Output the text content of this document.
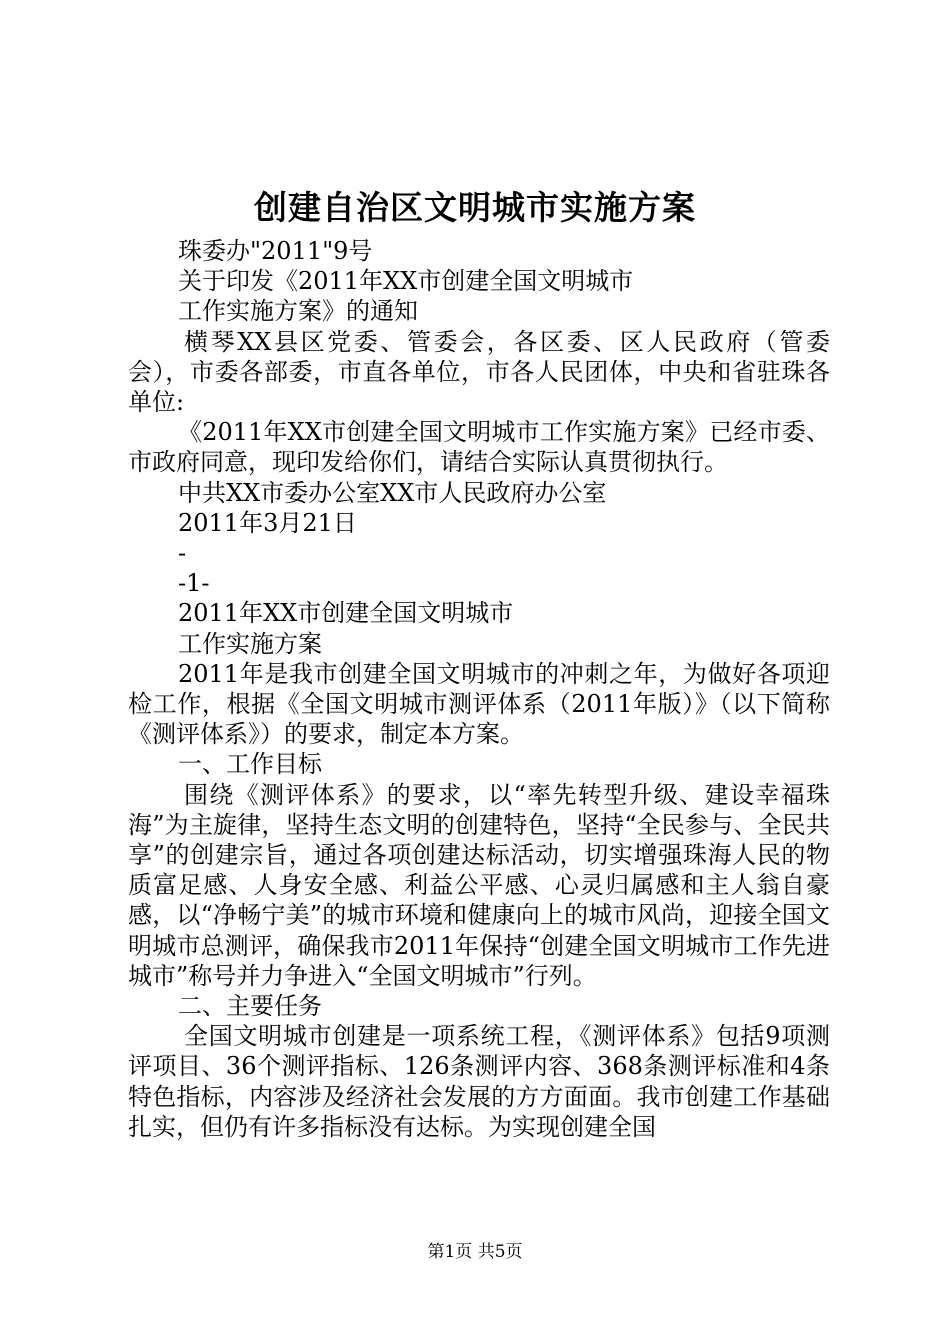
创建自治区文明城市实施方案

珠委办"2011"9号

关于印发《2011年XX市创建全国文明城市

工作实施方案》的通知

横琴XX县区党委、管委会，各区委、区人民政府（管委会），市委各部委，市直各单位，市各人民团体，中央和省驻珠各单位:

《2011年XX市创建全国文明城市工作实施方案》已经市委、市政府同意，现印发给你们，请结合实际认真贯彻执行。

中共XX市委办公室XX市人民政府办公室

2011年3月21日

-

-1-

2011年XX市创建全国文明城市

工作实施方案

2011年是我市创建全国文明城市的冲刺之年，为做好各项迎检工作，根据《全国文明城市测评体系（2011年版）》（以下简称《测评体系》）的要求，制定本方案。

一、工作目标

围绕《测评体系》的要求，以“率先转型升级、建设幸福珠海”为主旋律，坚持生态文明的创建特色，坚持“全民参与、全民共享”的创建宗旨，通过各项创建达标活动，切实增强珠海人民的物质富足感、人身安全感、利益公平感、心灵归属感和主人翁自豪感，以“净畅宁美”的城市环境和健康向上的城市风尚，迎接全国文明城市总测评，确保我市2011年保持“创建全国文明城市工作先进城市”称号并力争进入“全国文明城市”行列。

二、主要任务

全国文明城市创建是一项系统工程，《测评体系》包括9项测评项目、36个测评指标、126条测评内容、368条测评标准和4条特色指标，内容涉及经济社会发展的方方面面。我市创建工作基础扎实，但仍有许多指标没有达标。为实现创建全国

第1页 共5页
